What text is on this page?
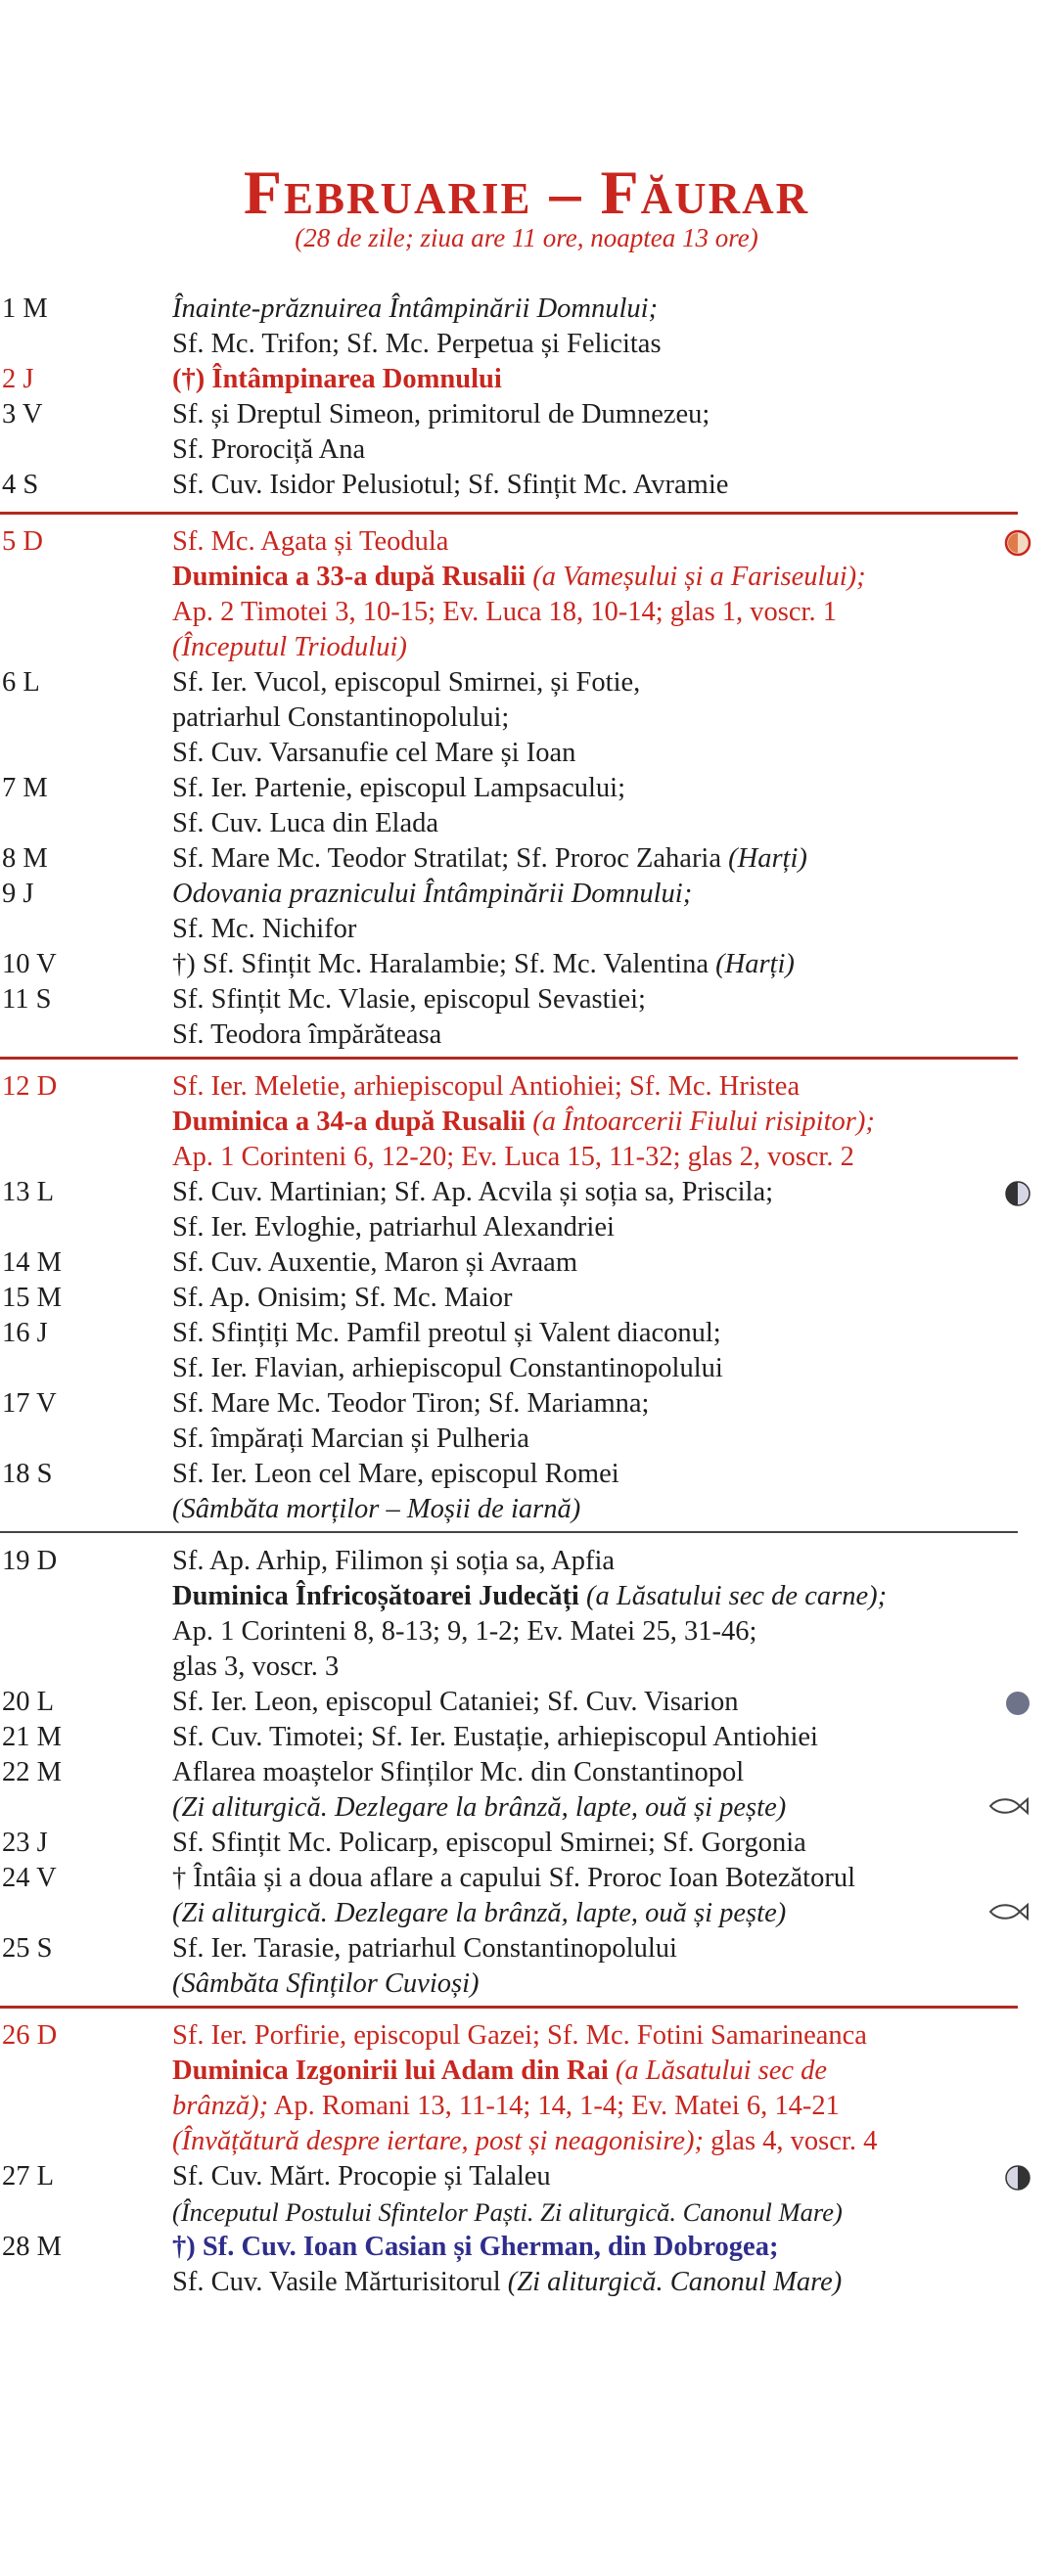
Februarie – Făurar
(28 de zile; ziua are 11 ore, noaptea 13 ore)
1 M	Înainte-prăznuirea Întâmpinării Domnului;
Sf. Mc. Trifon; Sf. Mc. Perpetua și Felicitas
2 J	(†) Întâmpinarea Domnului
3 V	Sf. și Dreptul Simeon, primitorul de Dumnezeu;
Sf. Prorociță Ana
4 S	Sf. Cuv. Isidor Pelusiotul; Sf. Sfințit Mc. Avramie
5 D	Sf. Mc. Agata și Teodula
Duminica a 33-a după Rusalii (a Vameșului și a Fariseului);
Ap. 2 Timotei 3, 10-15; Ev. Luca 18, 10-14; glas 1, voscr. 1
(Începutul Triodului)
6 L	Sf. Ier. Vucol, episcopul Smirnei, și Fotie,
patriarhul Constantinopolului;
Sf. Cuv. Varsanufie cel Mare și Ioan
7 M	Sf. Ier. Partenie, episcopul Lampsacului;
Sf. Cuv. Luca din Elada
8 M	Sf. Mare Mc. Teodor Stratilat; Sf. Proroc Zaharia (Harți)
9 J	Odovania praznicului Întâmpinării Domnului;
Sf. Mc. Nichifor
10 V	†) Sf. Sfințit Mc. Haralambie; Sf. Mc. Valentina (Harți)
11 S	Sf. Sfințit Mc. Vlasie, episcopul Sevastiei;
Sf. Teodora împărăteasa
12 D	Sf. Ier. Meletie, arhiepiscopul Antiohiei; Sf. Mc. Hristea
Duminica a 34-a după Rusalii (a Întoarcerii Fiului risipitor);
Ap. 1 Corinteni 6, 12-20; Ev. Luca 15, 11-32; glas 2, voscr. 2
13 L	Sf. Cuv. Martinian; Sf. Ap. Acvila și soția sa, Priscila;
Sf. Ier. Evloghie, patriarhul Alexandriei
14 M	Sf. Cuv. Auxentie, Maron și Avraam
15 M	Sf. Ap. Onisim; Sf. Mc. Maior
16 J	Sf. Sfințiți Mc. Pamfil preotul și Valent diaconul;
Sf. Ier. Flavian, arhiepiscopul Constantinopolului
17 V	Sf. Mare Mc. Teodor Tiron; Sf. Mariamna;
Sf. împărați Marcian și Pulheria
18 S	Sf. Ier. Leon cel Mare, episcopul Romei
(Sâmbăta morților – Moșii de iarnă)
19 D	Sf. Ap. Arhip, Filimon și soția sa, Apfia
Duminica Înfricoșătoarei Judecăți (a Lăsatului sec de carne);
Ap. 1 Corinteni 8, 8-13; 9, 1-2; Ev. Matei 25, 31-46;
glas 3, voscr. 3
20 L	Sf. Ier. Leon, episcopul Cataniei; Sf. Cuv. Visarion
21 M	Sf. Cuv. Timotei; Sf. Ier. Eustație, arhiepiscopul Antiohiei
22 M	Aflarea moaștelor Sfinților Mc. din Constantinopol
(Zi aliturgică. Dezlegare la brânză, lapte, ouă și pește)
23 J	Sf. Sfințit Mc. Policarp, episcopul Smirnei; Sf. Gorgonia
24 V	† Întâia și a doua aflare a capului Sf. Proroc Ioan Botezătorul
(Zi aliturgică. Dezlegare la brânză, lapte, ouă și pește)
25 S	Sf. Ier. Tarasie, patriarhul Constantinopolului
(Sâmbăta Sfinților Cuvioși)
26 D	Sf. Ier. Porfirie, episcopul Gazei; Sf. Mc. Fotini Samarineanca
Duminica Izgonirii lui Adam din Rai (a Lăsatului sec de
brânză); Ap. Romani 13, 11-14; 14, 1-4; Ev. Matei 6, 14-21
(Învățătură despre iertare, post și neagonisire); glas 4, voscr. 4
27 L	Sf. Cuv. Mărt. Procopie și Talaleu
(Începutul Postului Sfintelor Paști. Zi aliturgică. Canonul Mare)
28 M	†) Sf. Cuv. Ioan Casian și Gherman, din Dobrogea;
Sf. Cuv. Vasile Mărturisitorul (Zi aliturgică. Canonul Mare)
